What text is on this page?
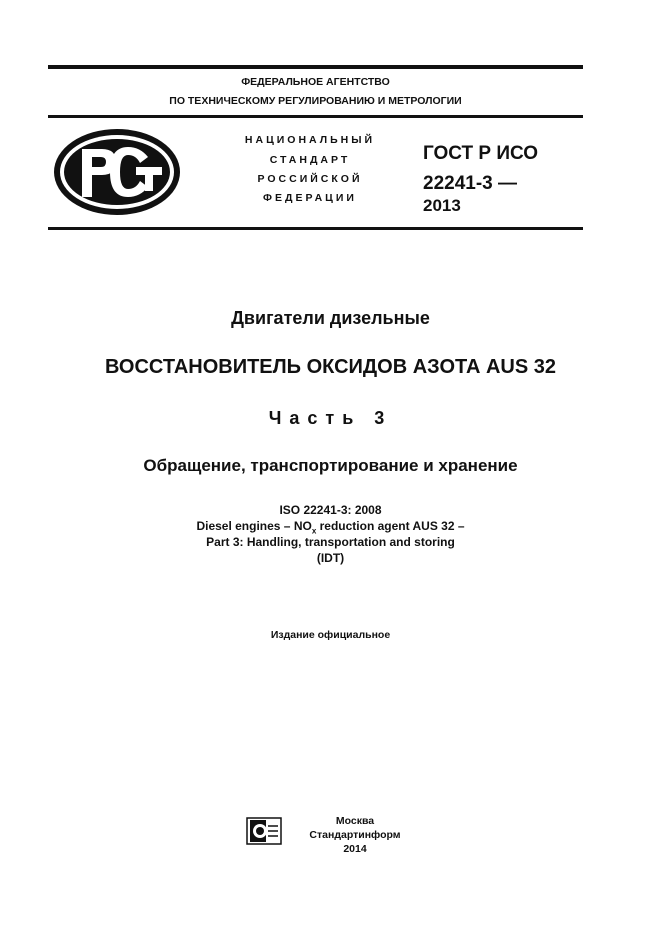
ФЕДЕРАЛЬНОЕ АГЕНТСТВО
ПО ТЕХНИЧЕСКОМУ РЕГУЛИРОВАНИЮ И МЕТРОЛОГИИ
НАЦИОНАЛЬНЫЙ
СТАНДАРТ
РОССИЙСКОЙ
ФЕДЕРАЦИИ
ГОСТ Р ИСО
22241-3 —
2013
Двигатели дизельные
ВОССТАНОВИТЕЛЬ ОКСИДОВ АЗОТА AUS 32
Часть 3
Обращение, транспортирование и хранение
ISO 22241-3: 2008
Diesel engines – $NO_x$ reduction agent AUS 32 –
Part 3: Handling, transportation and storing
(IDT)
Издание официальное
Москва
Стандартинформ
2014
